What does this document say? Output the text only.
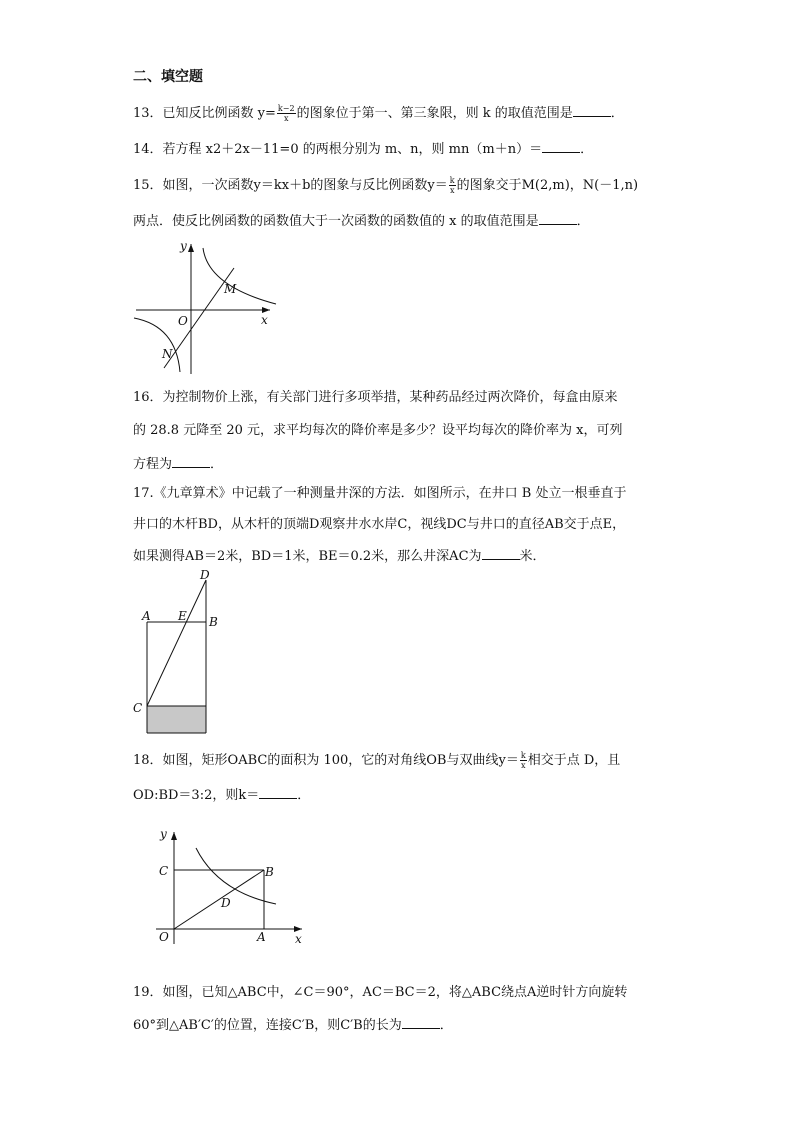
二、填空题
13．已知反比例函数 $y= \frac{k-2}{x}$ 的图象位于第一、第三象限，则 k 的取值范围是	．
14．若方程 x2＋2x－11=0 的两根分别为 m、n，则 mn（m＋n）＝	．
15．如图，一次函数y＝kx＋b的图象与反比例函数$y= \frac{k}{x}$ 的图象交于M(2,m)，N(－1,n)
两点．使反比例函数的函数值大于一次函数的函数值的 x 的取值范围是	．
y
x
O
M
N
16．为控制物价上涨，有关部门进行多项举措，某种药品经过两次降价，每盒由原来
的 28.8 元降至 20 元，求平均每次的降价率是多少？设平均每次的降价率为 x，可列
方程为	．
17.《九章算术》中记载了一种测量井深的方法．如图所示，在井口 B 处立一根垂直于
井口的木杆BD，从木杆的顶端D观察井水水岸C，视线DC与井口的直径AB交于点E，
如果测得AB＝2米，BD＝1米，BE＝0.2米，那么井深AC为	米．
D
A E B
C
18．如图，矩形OABC的面积为 100，它的对角线OB与双曲线$y= \frac{k}{x}$ 相交于点 D，且
OD:BD＝3:2，则k＝	．
y
x
C	B
D
O	A
19．如图，已知△ABC中，∠C＝90°，AC＝BC＝2，将△ABC绕点A逆时针方向旋转
60°到△AB′C′的位置，连接C′B，则C′B的长为	．
